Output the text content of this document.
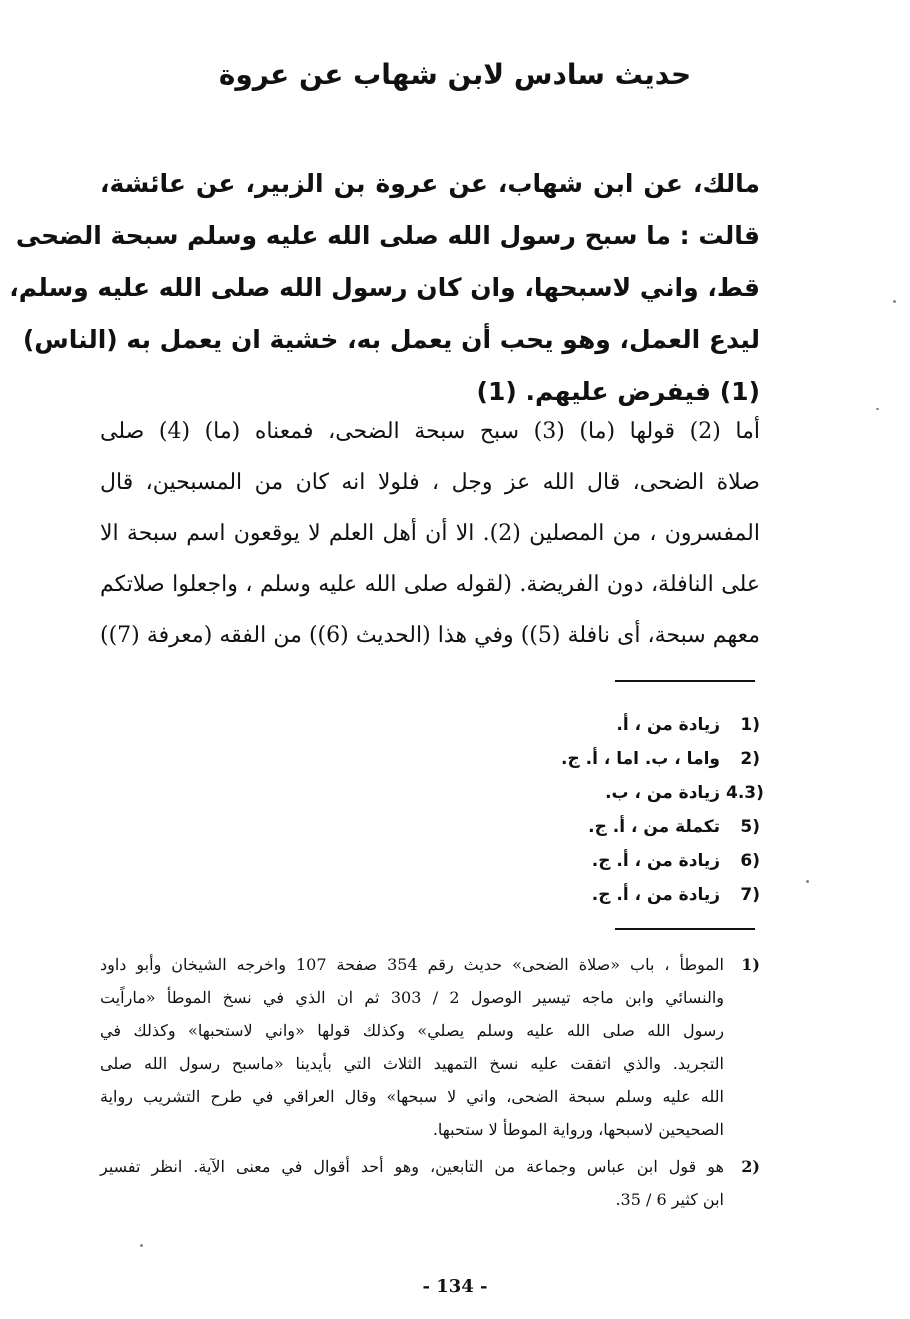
حديث سادس لابن شهاب عن عروة
مالك، عن ابن شهاب، عن عروة بن الزبير، عن عائشة،
قالت : ما سبح رسول الله صلى الله عليه وسلم سبحة الضحى
قط، واني لاسبحها، وان كان رسول الله صلى الله عليه وسلم،
ليدع العمل، وهو يحب أن يعمل به، خشية ان يعمل به (الناس)
(1) فيفرض عليهم. (1)
أما (2) قولها (ما) (3) سبح سبحة الضحى، فمعناه (ما) (4) صلى
صلاة الضحى، قال الله عز وجل ، فلولا انه كان من المسبحين، قال
المفسرون ، من المصلين (2). الا أن أهل العلم لا يوقعون اسم سبحة الا
على النافلة، دون الفريضة. (لقوله صلى الله عليه وسلم ، واجعلوا صلاتكم
معهم سبحة، أى نافلة (5)) وفي هذا (الحديث (6)) من الفقه (معرفة (7))
1)
زيادة من ، أ.
2)
واما ، ب. اما ، أ. ج.
4.3)
زيادة من ، ب.
5)
تكملة من ، أ. ج.
6)
زيادة من ، أ. ج.
7)
زيادة من ، أ. ج.
1)
الموطأ ، باب «صلاة الضحى» حديث رقم 354 صفحة 107 واخرجه الشيخان وأبو داود
والنسائي وابن ماجه تيسير الوصول 2 / 303 ثم ان الذي في نسخ الموطأ «ماراًيت
رسول الله صلى الله عليه وسلم يصلي» وكذلك قولها «واني لاستحبها» وكذلك في
التجريد. والذي اتفقت عليه نسخ التمهيد الثلاث التي بأيدينا «ماسبح رسول الله صلى
الله عليه وسلم سبحة الضحى، واني لا سبحها» وقال العراقي في طرح التشريب رواية
الصحيحين لاسبحها، ورواية الموطأ لا ستحبها.
2)
هو قول ابن عباس وجماعة من التابعين، وهو أحد أقوال في معنى الآية. انظر تفسير
ابن كثير 6 / 35.
- 134 -
